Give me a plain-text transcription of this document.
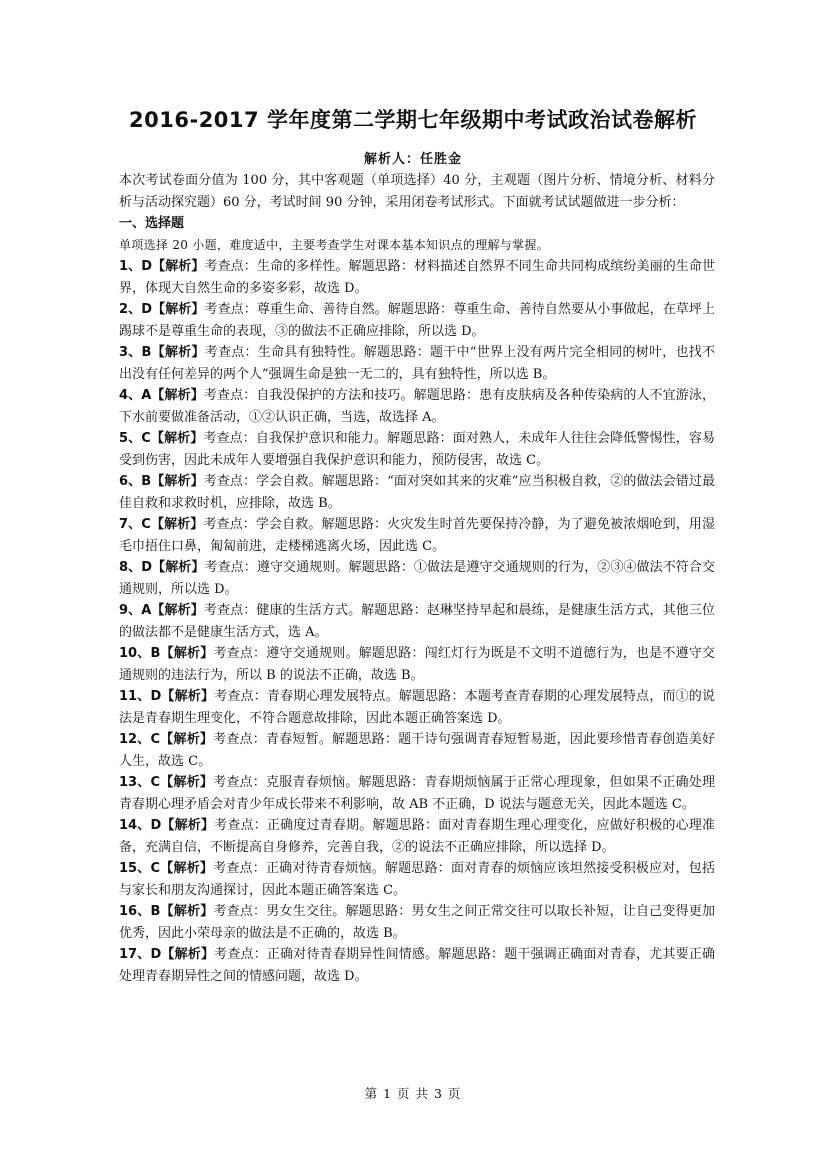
2016-2017 学年度第二学期七年级期中考试政治试卷解析
解析人：任胜金

本次考试卷面分值为 100 分，其中客观题（单项选择）40 分，主观题（图片分析、情境分析、材料分析与活动探究题）60 分，考试时间 90 分钟，采用闭卷考试形式。下面就考试试题做进一步分析：

一、选择题

单项选择 20 小题，难度适中，主要考查学生对课本基本知识点的理解与掌握。

1、D【解析】考查点：生命的多样性。解题思路：材料描述自然界不同生命共同构成缤纷美丽的生命世界，体现大自然生命的多姿多彩，故选 D。

2、D【解析】考查点：尊重生命、善待自然。解题思路：尊重生命、善待自然要从小事做起，在草坪上踢球不是尊重生命的表现，③的做法不正确应排除，所以选 D。

3、B【解析】考查点：生命具有独特性。解题思路：题干中“世界上没有两片完全相同的树叶，也找不出没有任何差异的两个人”强调生命是独一无二的，具有独特性，所以选 B。

4、A【解析】考查点：自我没保护的方法和技巧。解题思路：患有皮肤病及各种传染病的人不宜游泳，下水前要做准备活动，①②认识正确，当选，故选择 A。

5、C【解析】考查点：自我保护意识和能力。解题思路：面对熟人，未成年人往往会降低警惕性，容易受到伤害，因此未成年人要增强自我保护意识和能力，预防侵害，故选 C。

6、B【解析】考查点：学会自救。解题思路：“面对突如其来的灾难”应当积极自救，②的做法会错过最佳自救和求救时机，应排除，故选 B。

7、C【解析】考查点：学会自救。解题思路：火灾发生时首先要保持冷静，为了避免被浓烟呛到，用湿毛巾捂住口鼻，匍匐前进，走楼梯逃离火场，因此选 C。

8、D【解析】考查点：遵守交通规则。解题思路：①做法是遵守交通规则的行为，②③④做法不符合交通规则，所以选 D。

9、A【解析】考查点：健康的生活方式。解题思路：赵琳坚持早起和晨练，是健康生活方式，其他三位的做法都不是健康生活方式，选 A。

10、B【解析】考查点：遵守交通规则。解题思路：闯红灯行为既是不文明不道德行为，也是不遵守交通规则的违法行为，所以 B 的说法不正确，故选 B。

11、D【解析】考查点：青春期心理发展特点。解题思路：本题考查青春期的心理发展特点，而①的说法是青春期生理变化，不符合题意故排除，因此本题正确答案选 D。

12、C【解析】考查点：青春短暂。解题思路：题干诗句强调青春短暂易逝，因此要珍惜青春创造美好人生，故选 C。

13、C【解析】考查点：克服青春烦恼。解题思路：青春期烦恼属于正常心理现象，但如果不正确处理青春期心理矛盾会对青少年成长带来不利影响，故 AB 不正确，D 说法与题意无关，因此本题选 C。

14、D【解析】考查点：正确度过青春期。解题思路：面对青春期生理心理变化，应做好积极的心理准备，充满自信，不断提高自身修养，完善自我，②的说法不正确应排除，所以选择 D。

15、C【解析】考查点：正确对待青春烦恼。解题思路：面对青春的烦恼应该坦然接受积极应对，包括与家长和朋友沟通探讨，因此本题正确答案选 C。

16、B【解析】考查点：男女生交往。解题思路：男女生之间正常交往可以取长补短，让自己变得更加优秀，因此小荣母亲的做法是不正确的，故选 B。

17、D【解析】考查点：正确对待青春期异性间情感。解题思路：题干强调正确面对青春，尤其要正确处理青春期异性之间的情感问题，故选 D。

第 1 页 共 3 页
